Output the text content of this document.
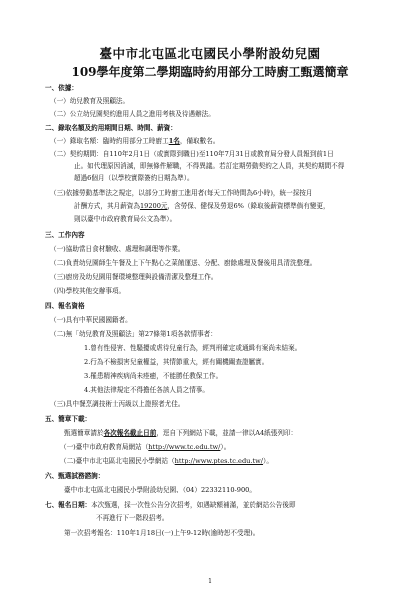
臺中市北屯區北屯國民小學附設幼兒園
109學年度第二學期臨時約用部分工時廚工甄選簡章
一、依據：
（一）幼兒教育及照顧法。
（二）公立幼兒園契約進用人員之進用考核及待遇辦法。
二、錄取名額及約用期間日期、時間、薪資：
（一）錄取名額：臨時約用部分工時廚工1名，備取數名。
（二）契約期間：自110年2月1日（或實際到職日)至110年7月31日或教育局分發人員報到前1日
止。如代理原因消滅，即無條件解職，不得異議。若訂定期勞動契約之人員，其契約期間不得
超過6個月（以學校實際簽約日期為準）。
（三)依據勞動基準法之規定，以部分工時廚工進用者(每天工作時間為6小時)，統一採按月
計酬方式，其月薪資為19200元，含勞保、健保及勞退6%（錄取後薪資標準倘有變更，
則以臺中市政府教育局公文為準）。
三、工作內容
（一)協助當日食材驗收、處理和調理等作業。
（二)負責幼兒園師生午餐及上下午點心之菜餚運送、分配、廚餘處理及餐後用具清洗整理。
（三)廚房及幼兒園用餐環境整理與設備清潔及整理工作。
（四)學校其他交辦事項。
四、報名資格
（一)具有中華民國國籍者。
（二)無「幼兒教育及照顧法」第27條第1項各款情事者：
1.曾有性侵害、性騷擾或虐待兒童行為，經判刑確定或通緝有案尚未結案。
2.行為不檢損害兒童權益，其情節重大，經有關機關查證屬實。
3.罹患精神疾病尚未痊癒，不能勝任教保工作。
4.其他法律規定不得擔任各該人員之情事。
（三)具中餐烹調技術士丙級以上證照者尤佳。
五、簡章下載：
甄選簡章請於各次報名截止日前，逕自下列網站下載，並請一律以A4紙張列印：
（一)臺中市政府教育局網站（http://www.tc.edu.tw/）。
（二)臺中市北屯區北屯國民小學網站（http://www.ptes.tc.edu.tw/）。
六、甄選試務諮詢：
臺中市北屯區北屯國民小學附設幼兒園、（04）22332110-900。
七、報名日期：本次甄選，採一次性公告分次招考，如遇缺額補滿，並於網站公告後即
不再進行下一階段招考。
第一次招考報名：110年1月18日(一)上午9-12時(逾時恕不受理)。
1
